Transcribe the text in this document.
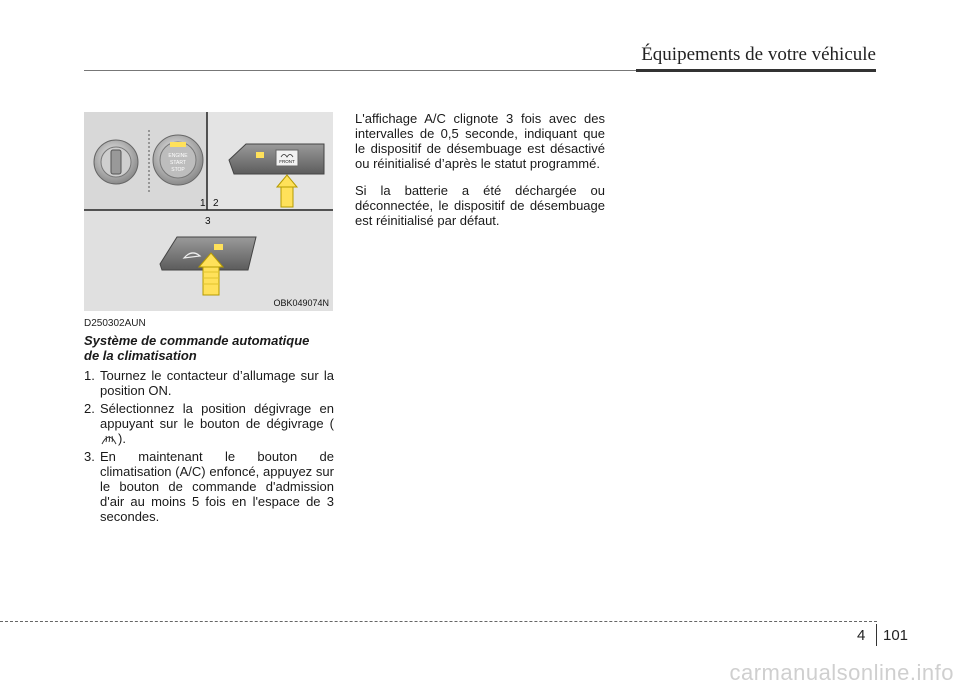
Équipements de votre véhicule
ENGINE
START
STOP
FRONT
1 2
3
OBK049074N

D250302AUN

Système de commande automatique
de la climatisation

1. Tournez le contacteur d’allumage sur la position ON.

2. Sélectionnez la position dégivrage en appuyant sur le bouton de dégivrage ().

3. En maintenant le bouton de climatisation (A/C) enfoncé, appuyez sur le bouton de commande d'admission d'air au moins 5 fois en l'espace de 3 secondes.

L'affichage A/C clignote 3 fois avec des intervalles de 0,5 seconde, indiquant que le dispositif de désembuage est désactivé ou réinitialisé d’après le statut programmé.

Si la batterie a été déchargée ou déconnectée, le dispositif de désembuage est réinitialisé par défaut.

4 101
carmanualsonline.info
